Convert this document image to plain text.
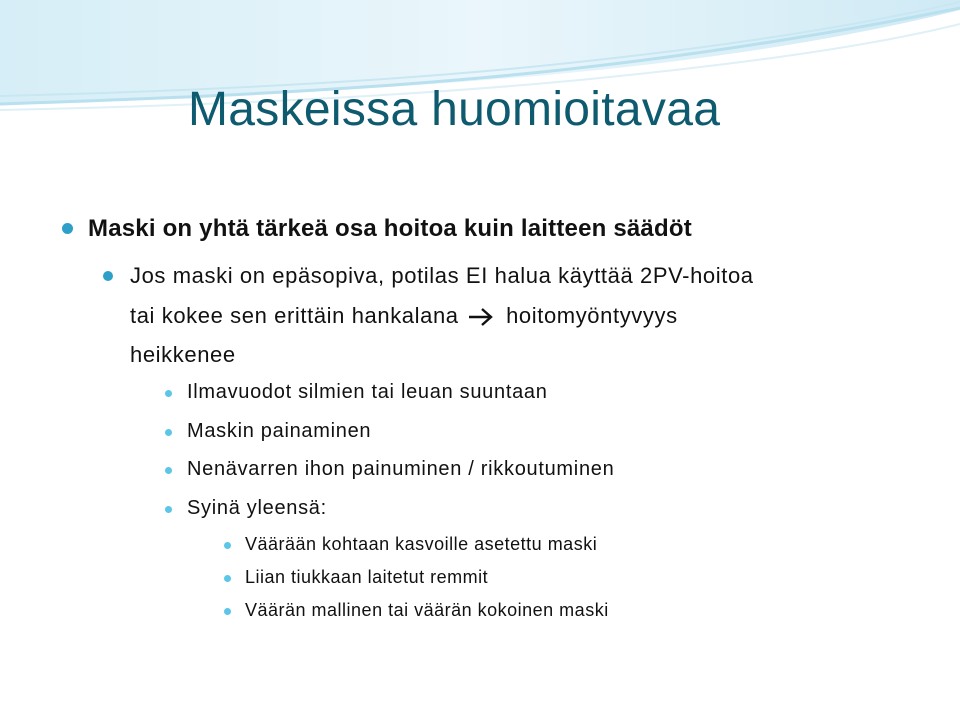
Maskeissa huomioitavaa
Maski on yhtä tärkeä osa hoitoa kuin laitteen säädöt
Jos maski on epäsopiva, potilas EI halua käyttää 2PV-hoitoa
tai kokee sen erittäin hankalana hoitomyöntyvyys
heikkenee
Ilmavuodot silmien tai leuan suuntaan
Maskin painaminen
Nenävarren ihon painuminen / rikkoutuminen
Syinä yleensä:
Väärään kohtaan kasvoille asetettu maski
Liian tiukkaan laitetut remmit
Väärän mallinen tai väärän kokoinen maski
